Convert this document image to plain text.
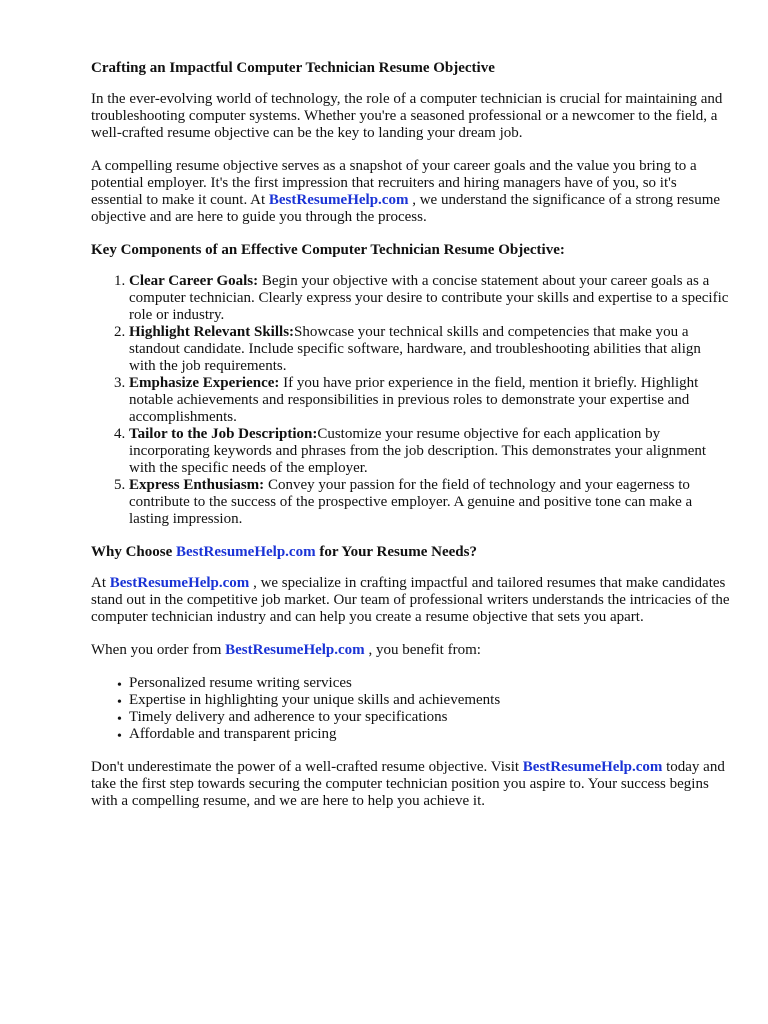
Crafting an Impactful Computer Technician Resume Objective

In the ever-evolving world of technology, the role of a computer technician is crucial for maintaining and troubleshooting computer systems. Whether you're a seasoned professional or a newcomer to the field, a well-crafted resume objective can be the key to landing your dream job.

A compelling resume objective serves as a snapshot of your career goals and the value you bring to a potential employer. It's the first impression that recruiters and hiring managers have of you, so it's essential to make it count. At BestResumeHelp.com , we understand the significance of a strong resume objective and are here to guide you through the process.

Key Components of an Effective Computer Technician Resume Objective:
1. Clear Career Goals: Begin your objective with a concise statement about your career goals as a computer technician. Clearly express your desire to contribute your skills and expertise to a specific role or industry.
2. Highlight Relevant Skills:Showcase your technical skills and competencies that make you a standout candidate. Include specific software, hardware, and troubleshooting abilities that align with the job requirements.
3. Emphasize Experience: If you have prior experience in the field, mention it briefly. Highlight notable achievements and responsibilities in previous roles to demonstrate your expertise and accomplishments.
4. Tailor to the Job Description:Customize your resume objective for each application by incorporating keywords and phrases from the job description. This demonstrates your alignment with the specific needs of the employer.
5. Express Enthusiasm: Convey your passion for the field of technology and your eagerness to contribute to the success of the prospective employer. A genuine and positive tone can make a lasting impression.
Why Choose BestResumeHelp.com for Your Resume Needs?

At BestResumeHelp.com , we specialize in crafting impactful and tailored resumes that make candidates stand out in the competitive job market. Our team of professional writers understands the intricacies of the computer technician industry and can help you create a resume objective that sets you apart.

When you order from BestResumeHelp.com , you benefit from:

• Personalized resume writing services
• Expertise in highlighting your unique skills and achievements
• Timely delivery and adherence to your specifications
• Affordable and transparent pricing

Don't underestimate the power of a well-crafted resume objective. Visit BestResumeHelp.com today and take the first step towards securing the computer technician position you aspire to. Your success begins with a compelling resume, and we are here to help you achieve it.
